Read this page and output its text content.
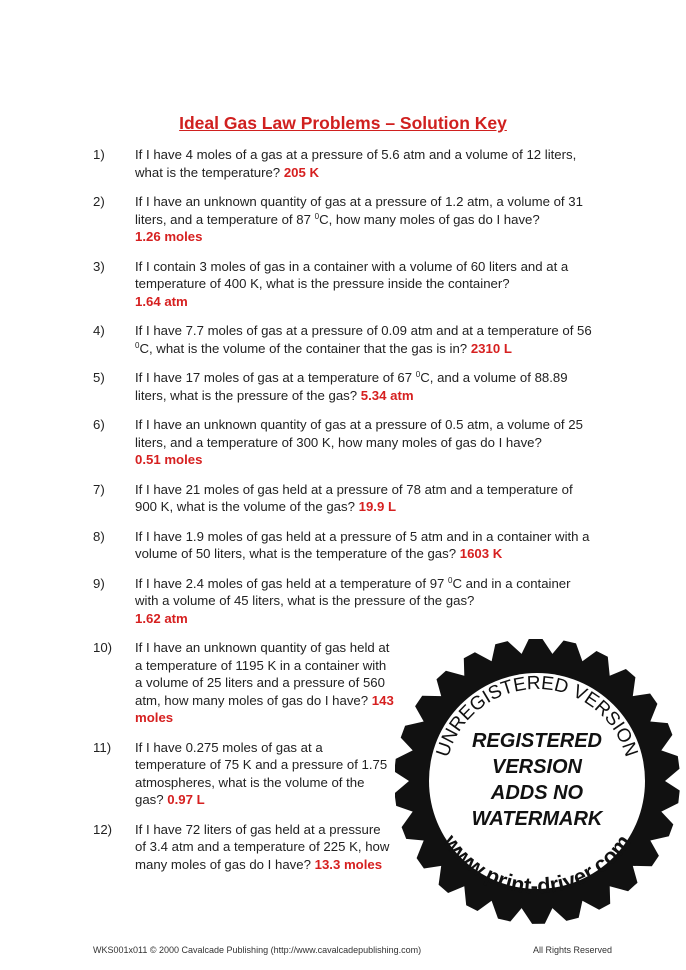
Ideal Gas Law Problems – Solution Key
1) If I have 4 moles of a gas at a pressure of 5.6 atm and a volume of 12 liters, what is the temperature? 205 K
2) If I have an unknown quantity of gas at a pressure of 1.2 atm, a volume of 31 liters, and a temperature of 87 $^0$C, how many moles of gas do I have?
1.26 moles
3) If I contain 3 moles of gas in a container with a volume of 60 liters and at a temperature of 400 K, what is the pressure inside the container?
1.64 atm
4) If I have 7.7 moles of gas at a pressure of 0.09 atm and at a temperature of 56 $^0$C, what is the volume of the container that the gas is in? 2310 L
5) If I have 17 moles of gas at a temperature of 67 $^0$C, and a volume of 88.89 liters, what is the pressure of the gas? 5.34 atm
6) If I have an unknown quantity of gas at a pressure of 0.5 atm, a volume of 25 liters, and a temperature of 300 K, how many moles of gas do I have?
0.51 moles
7) If I have 21 moles of gas held at a pressure of 78 atm and a temperature of 900 K, what is the volume of the gas? 19.9 L
8) If I have 1.9 moles of gas held at a pressure of 5 atm and in a container with a volume of 50 liters, what is the temperature of the gas? 1603 K
9) If I have 2.4 moles of gas held at a temperature of 97 $^0$C and in a container with a volume of 45 liters, what is the pressure of the gas?
1.62 atm
UNREGISTERED VERSION
www.print-driver.com
REGISTERED
VERSION
ADDS NO
WATERMARK
10) If I have an unknown quantity of gas held at a temperature of 1195 K in a container with a volume of 25 liters and a pressure of 560 atm, how many moles of gas do I have? 143 moles
11) If I have 0.275 moles of gas at a temperature of 75 K and a pressure of 1.75 atmospheres, what is the volume of the gas? 0.97 L
12) If I have 72 liters of gas held at a pressure of 3.4 atm and a temperature of 225 K, how many moles of gas do I have? 13.3 moles
WKS001x011 © 2000 Cavalcade Publishing (http://www.cavalcadepublishing.com)	All Rights Reserved
